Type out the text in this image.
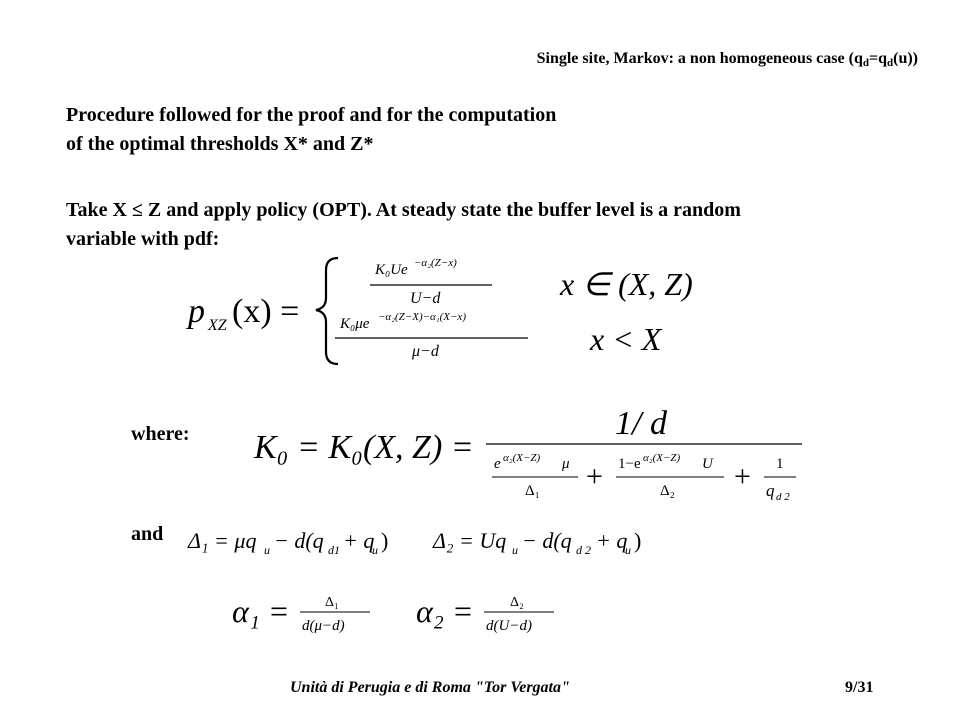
Single site, Markov: a non homogeneous case $(q_d=q_d(u))$

Procedure followed for the proof and for the computation
of the optimal thresholds X* and Z*

Take X ≤ Z and apply policy (OPT). At steady state the buffer level is a random
variable with pdf:

p XZ (x) =
K₀Ue −α₂(Z−x)
U−d	x ∈ (X, Z)
K₀μe −α₂(Z−X)−α₁(X−x)
μ−d	x < X
where: K₀ = K₀(X, Z) =
1/ d
e α₂(X−Z) μ
Δ₁ + 1−e α₂(X−Z) U
Δ₂ + 1
q d 2
and Δ₁ = μq u − d(q d1 + q
u ) Δ₂ = Uq u − d(q d 2 + q
u )
α₁ =	Δ₁
d(μ−d) α₂ =	Δ₂
d(U−d)
Unità di Perugia e di Roma "Tor Vergata"	9/31
